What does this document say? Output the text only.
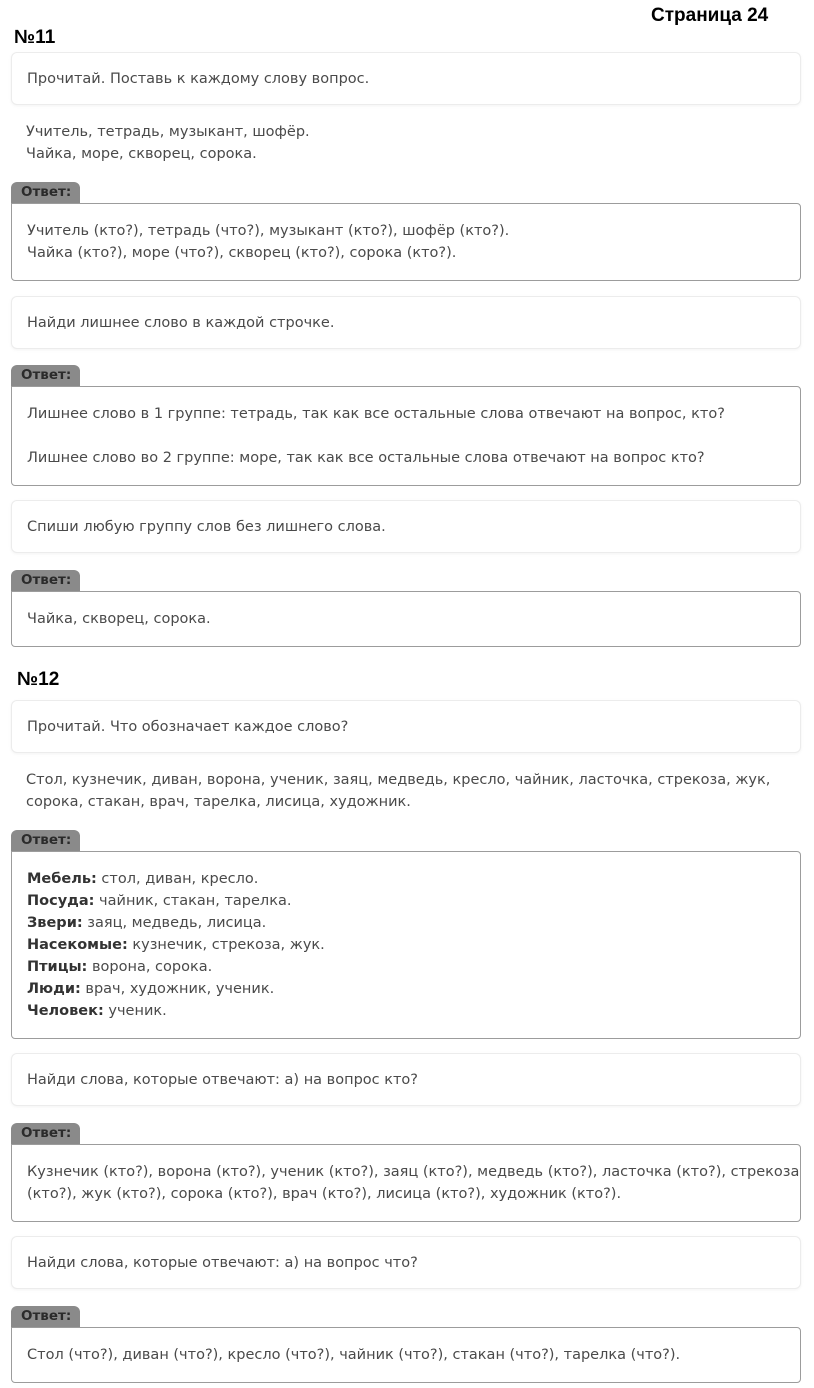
Страница 24
№11
Прочитай. Поставь к каждому слову вопрос.
Учитель, тетрадь, музыкант, шофёр.
Чайка, море, скворец, сорока.
Ответ:
Учитель (кто?), тетрадь (что?), музыкант (кто?), шофёр (кто?).
Чайка (кто?), море (что?), скворец (кто?), сорока (кто?).
Найди лишнее слово в каждой строчке.
Ответ:
Лишнее слово в 1 группе: тетрадь, так как все остальные слова отвечают на вопрос, кто?
Лишнее слово во 2 группе: море, так как все остальные слова отвечают на вопрос кто?
Спиши любую группу слов без лишнего слова.
Ответ:
Чайка, скворец, сорока.
№12
Прочитай. Что обозначает каждое слово?
Стол, кузнечик, диван, ворона, ученик, заяц, медведь, кресло, чайник, ласточка, стрекоза, жук,
сорока, стакан, врач, тарелка, лисица, художник.
Ответ:
Мебель: стол, диван, кресло.
Посуда: чайник, стакан, тарелка.
Звери: заяц, медведь, лисица.
Насекомые: кузнечик, стрекоза, жук.
Птицы: ворона, сорока.
Люди: врач, художник, ученик.
Человек: ученик.
Найди слова, которые отвечают: а) на вопрос кто?
Ответ:
Кузнечик (кто?), ворона (кто?), ученик (кто?), заяц (кто?), медведь (кто?), ласточка (кто?), стрекоза
(кто?), жук (кто?), сорока (кто?), врач (кто?), лисица (кто?), художник (кто?).
Найди слова, которые отвечают: а) на вопрос что?
Ответ:
Стол (что?), диван (что?), кресло (что?), чайник (что?), стакан (что?), тарелка (что?).
